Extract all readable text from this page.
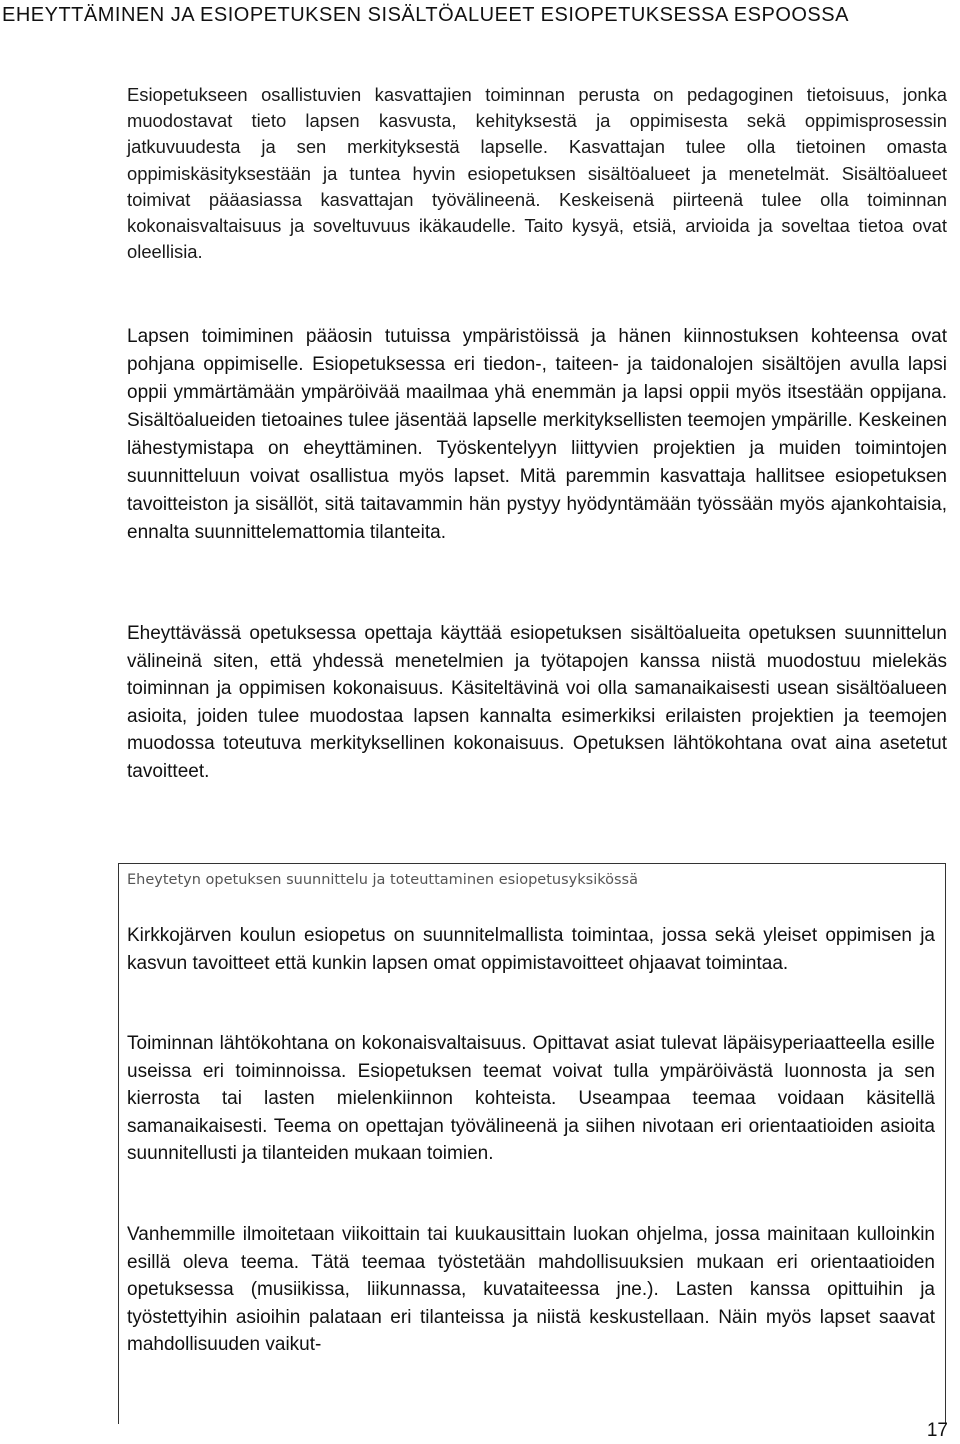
EHEYTTÄMINEN JA ESIOPETUKSEN SISÄLTÖALUEET ESIOPETUKSESSA ESPOOSSA

Esiopetukseen osallistuvien kasvattajien toiminnan perusta on pedagoginen tietoisuus, jonka muodostavat tieto lapsen kasvusta, kehityksestä ja oppimisesta sekä oppimisprosessin jatkuvuudesta ja sen merkityksestä lapselle. Kasvattajan tulee olla tietoinen omasta oppimiskäsityksestään ja tuntea hyvin esiopetuksen sisältöalueet ja menetelmät. Sisältöalueet toimivat pääasiassa kasvattajan työvälineenä. Keskeisenä piirteenä tulee olla toiminnan kokonaisvaltaisuus ja soveltuvuus ikäkaudelle. Taito kysyä, etsiä, arvioida ja soveltaa tietoa ovat oleellisia.

Lapsen toimiminen pääosin tutuissa ympäristöissä ja hänen kiinnostuksen kohteensa ovat pohjana oppimiselle. Esiopetuksessa eri tiedon-, taiteen- ja taidonalojen sisältöjen avulla lapsi oppii ymmärtämään ympäröivää maailmaa yhä enemmän ja lapsi oppii myös itsestään oppijana. Sisältöalueiden tietoaines tulee jäsentää lapselle merkityksellisten teemojen ympärille. Keskeinen lähestymistapa on eheyttäminen. Työskentelyyn liittyvien projektien ja muiden toimintojen suunnitteluun voivat osallistua myös lapset. Mitä paremmin kasvattaja hallitsee esiopetuksen tavoitteiston ja sisällöt, sitä taitavammin hän pystyy hyödyntämään työssään myös ajankohtaisia, ennalta suunnittelemattomia tilanteita.

Eheyttävässä opetuksessa opettaja käyttää esiopetuksen sisältöalueita opetuksen suunnittelun välineinä siten, että yhdessä menetelmien ja työtapojen kanssa niistä muodostuu mielekäs toiminnan ja oppimisen kokonaisuus. Käsiteltävinä voi olla samanaikaisesti usean sisältöalueen asioita, joiden tulee muodostaa lapsen kannalta esimerkiksi erilaisten projektien ja teemojen muodossa toteutuva merkityksellinen kokonaisuus. Opetuksen lähtökohtana ovat aina asetetut tavoitteet.

Eheytetyn opetuksen suunnittelu ja toteuttaminen esiopetusyksikössä

Kirkkojärven koulun esiopetus on suunnitelmallista toimintaa, jossa sekä yleiset oppimisen ja kasvun tavoitteet että kunkin lapsen omat oppimistavoitteet ohjaavat toimintaa.

Toiminnan lähtökohtana on kokonaisvaltaisuus. Opittavat asiat tulevat läpäisyperiaatteella esille useissa eri toiminnoissa. Esiopetuksen teemat voivat tulla ympäröivästä luonnosta ja sen kierrosta tai lasten mielenkiinnon kohteista. Useampaa teemaa voidaan käsitellä samanaikaisesti. Teema on opettajan työvälineenä ja siihen nivotaan eri orientaatioiden asioita suunnitellusti ja tilanteiden mukaan toimien.

Vanhemmille ilmoitetaan viikoittain tai kuukausittain luokan ohjelma, jossa mainitaan kulloinkin esillä oleva teema. Tätä teemaa työstetään mahdollisuuksien mukaan eri orientaatioiden opetuksessa (musiikissa, liikunnassa, kuvataiteessa jne.). Lasten kanssa opittuihin ja työstettyihin asioihin palataan eri tilanteissa ja niistä keskustellaan. Näin myös lapset saavat mahdollisuuden vaikut-

17
